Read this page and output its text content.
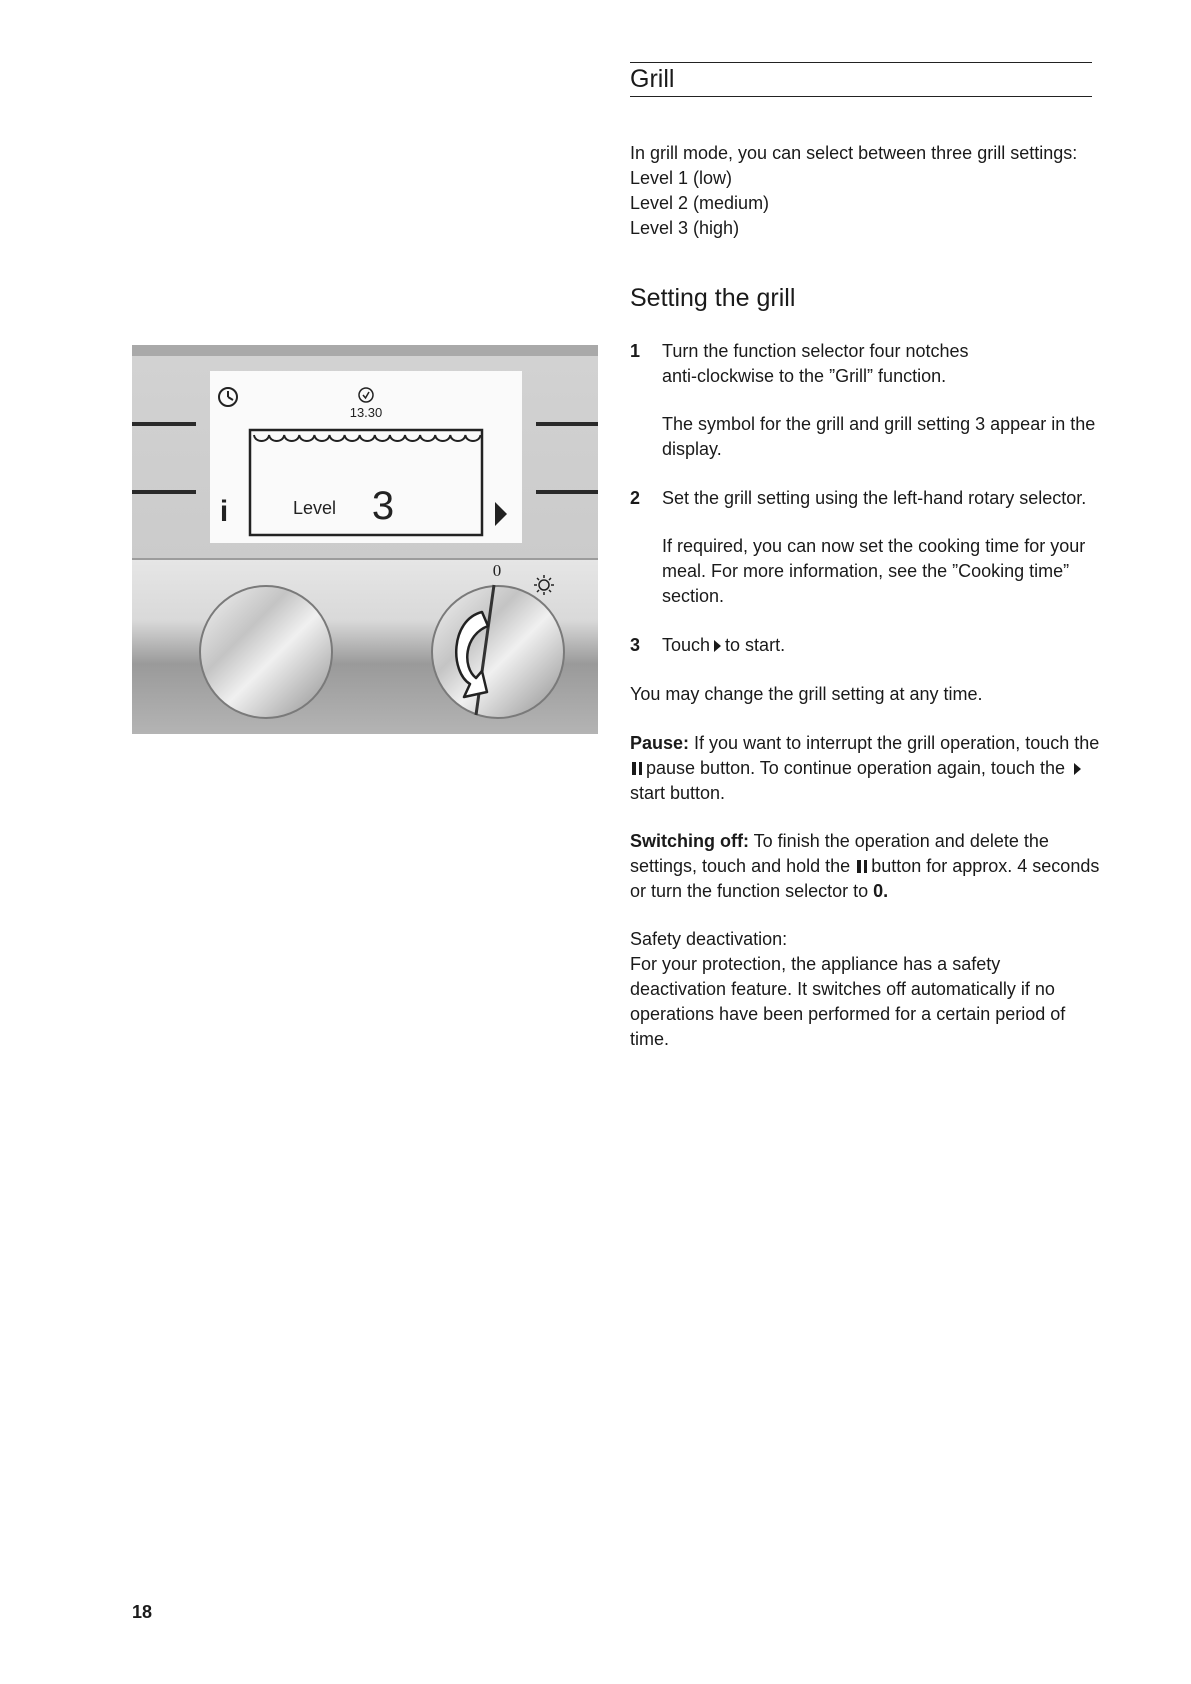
Grill

In grill mode, you can select between three grill settings:

Level 1 (low)

Level 2 (medium)

Level 3 (high)

Setting the grill
1 Turn the function selector four notches anti-clockwise to the ”Grill” function.

The symbol for the grill and grill setting 3 appear in the display.

2 Set the grill setting using the left-hand rotary selector.

If required, you can now set the cooking time for your meal. For more information, see the ”Cooking time” section.

3 Touch to start.

You may change the grill setting at any time.

Pause: If you want to interrupt the grill operation, touch the pause button. To continue operation again, touch the start button.

Switching off: To finish the operation and delete the settings, touch and hold the button for approx. 4 seconds or turn the function selector to 0.

Safety deactivation:

For your protection, the appliance has a safety deactivation feature. It switches off automatically if no operations have been performed for a certain period of time.

13.30
i	Level 3
0
18
